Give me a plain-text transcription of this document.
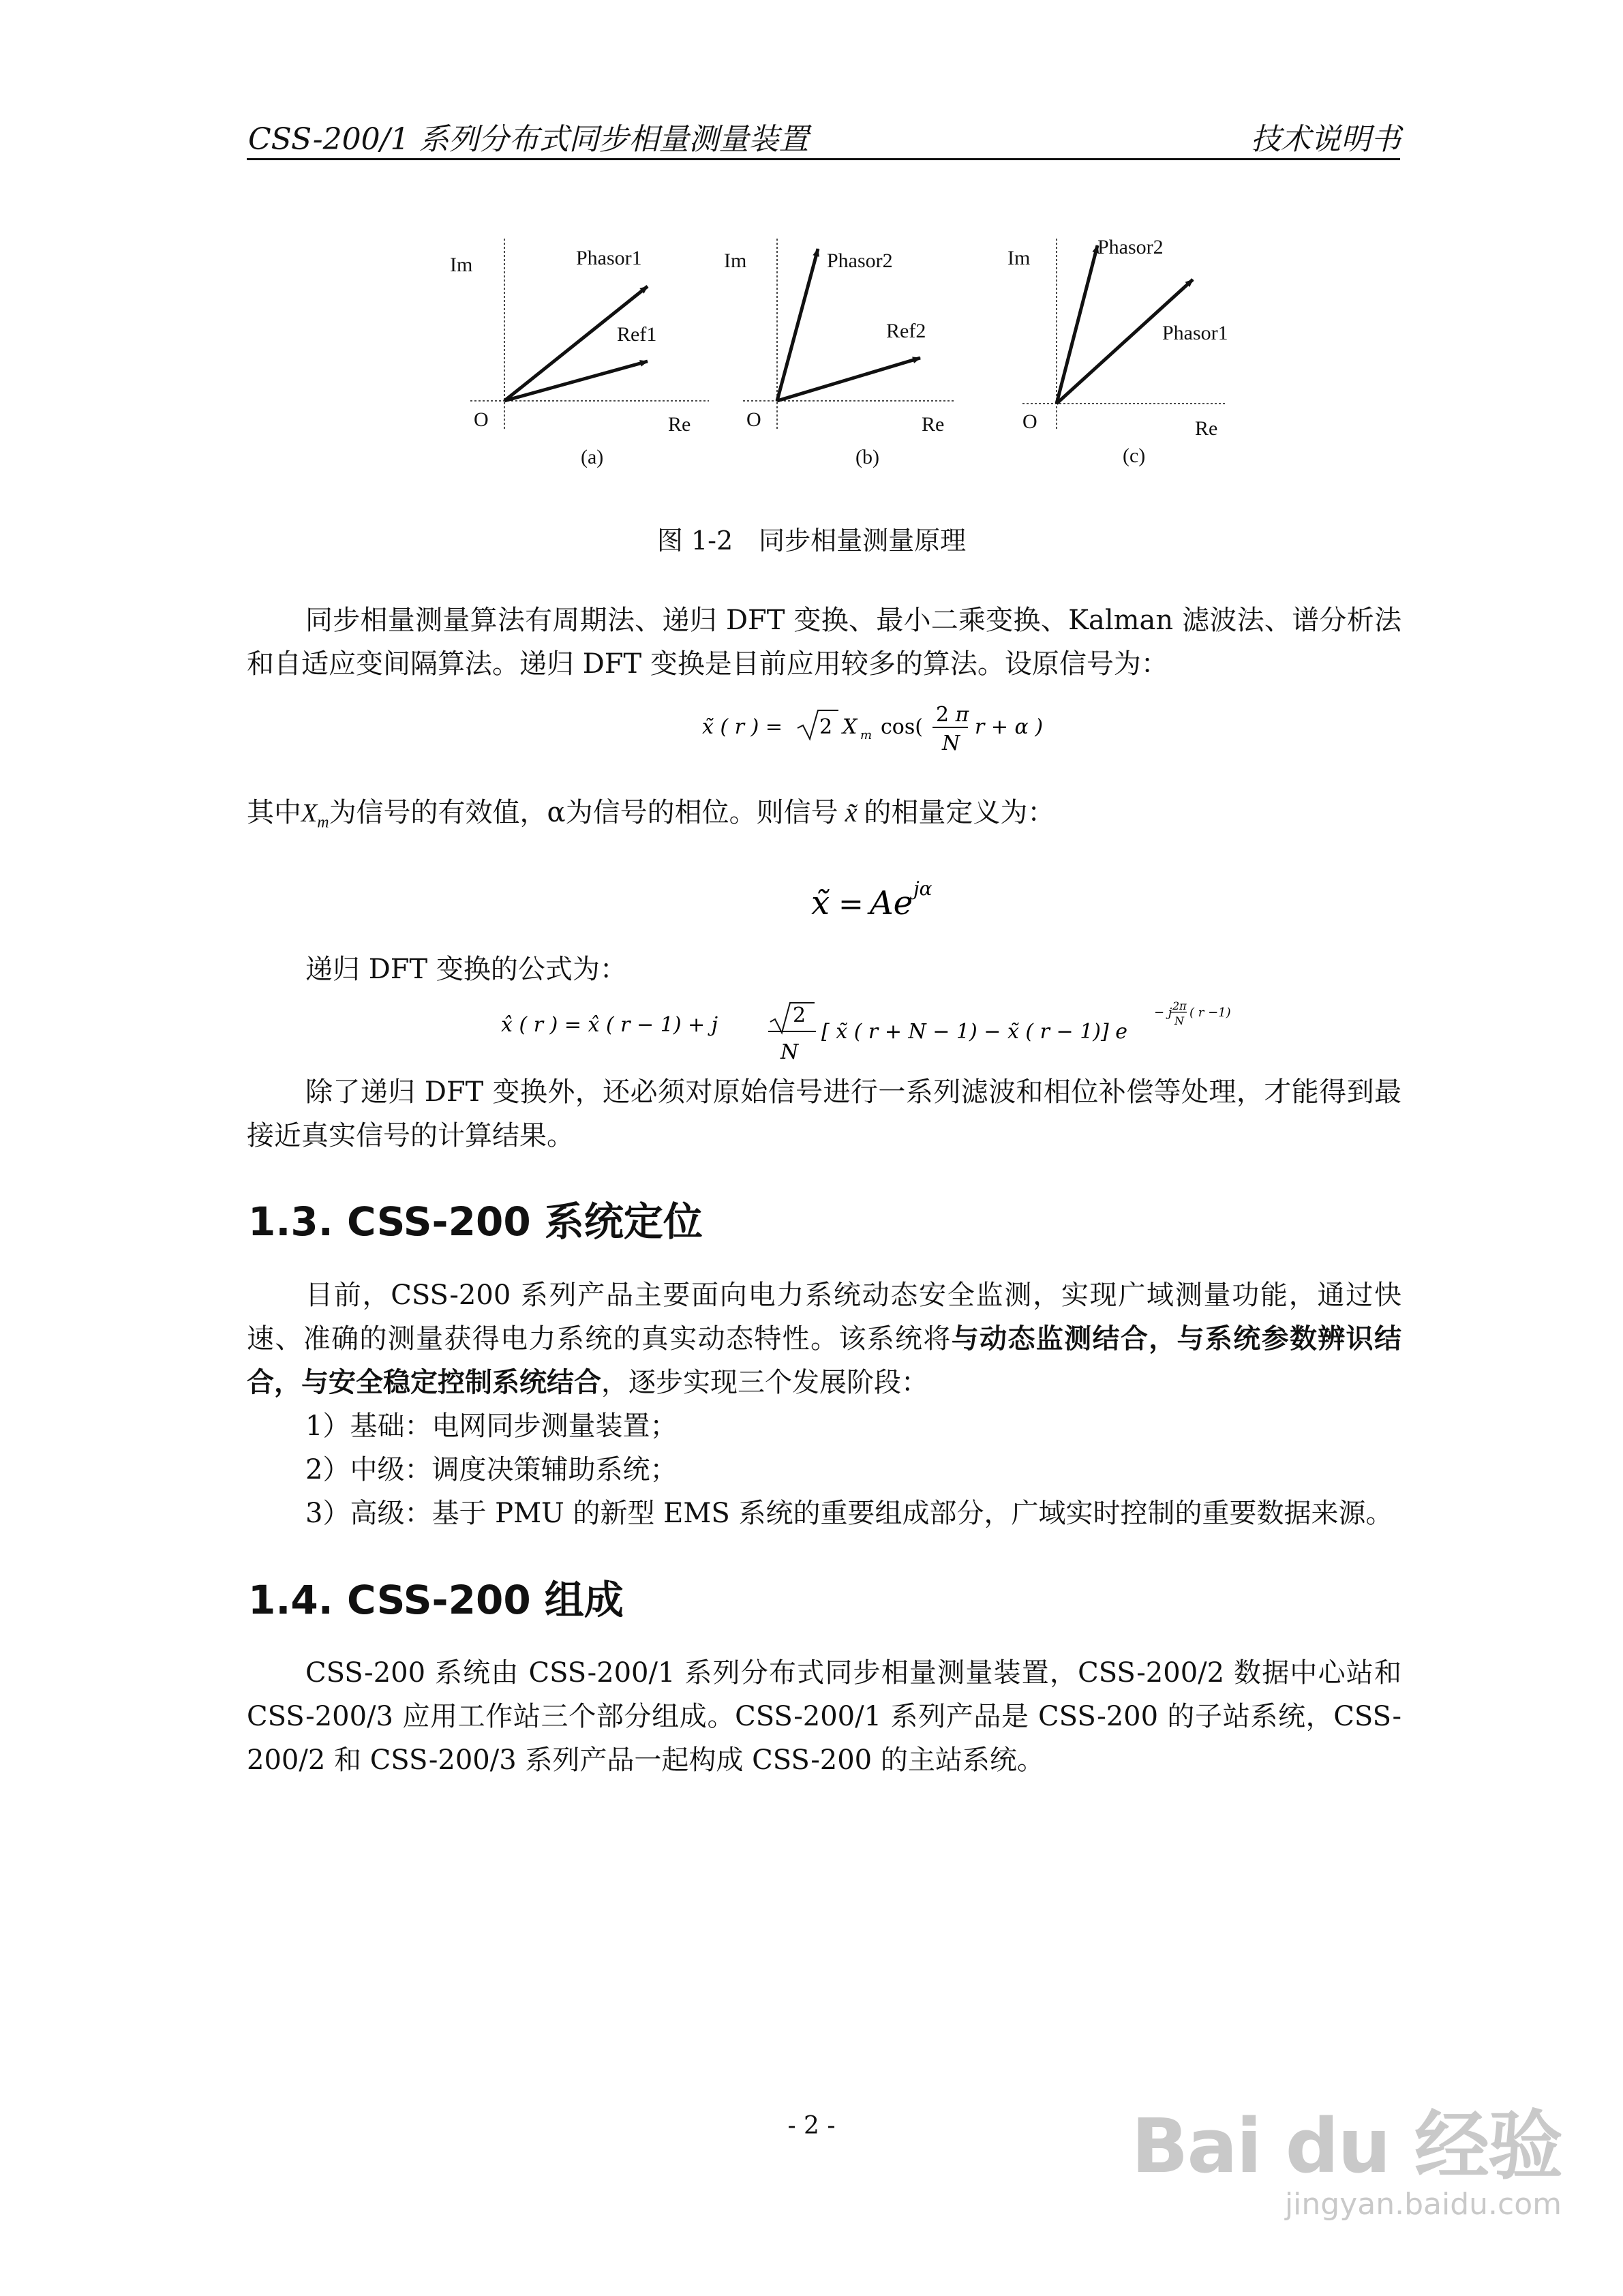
CSS-200/1 系列分布式同步相量测量装置	技术说明书
Im	Phasor1
Ref1
O	Re
(a)
Im	Phasor2
Ref2
O	Re
(b)
Im	Phasor2
Phasor1
O	Re
(c)
图 1-2　同步相量测量原理
同步相量测量算法有周期法、递归 DFT 变换、最小二乘变换、Kalman 滤波法、谱分析法和自适应变间隔算法。递归 DFT 变换是目前应用较多的算法。设原信号为：
x̃ ( r ) = 2 X m cos(
2 π
N
r + α )
其中$X_m$为信号的有效值，α为信号的相位。则信号 x̃ 的相量定义为：
x̃ = Ae jα
递归 DFT 变换的公式为：
x̂ ( r ) = x̂ ( r − 1) + j	2
N
[ x̃ ( r + N − 1) − x̃ ( r − 1)] e
− j 2π
N
( r −1)
除了递归 DFT 变换外，还必须对原始信号进行一系列滤波和相位补偿等处理，才能得到最接近真实信号的计算结果。
1.3. CSS-200 系统定位
目前，CSS-200 系列产品主要面向电力系统动态安全监测，实现广域测量功能，通过快速、准确的测量获得电力系统的真实动态特性。该系统将与动态监测结合，与系统参数辨识结合，与安全稳定控制系统结合，逐步实现三个发展阶段：
1）基础：电网同步测量装置；
2）中级：调度决策辅助系统；
3）高级：基于 PMU 的新型 EMS 系统的重要组成部分，广域实时控制的重要数据来源。
1.4. CSS-200 组成
CSS-200 系统由 CSS-200/1 系列分布式同步相量测量装置，CSS-200/2 数据中心站和CSS-200/3 应用工作站三个部分组成。CSS-200/1 系列产品是 CSS-200 的子站系统，CSS-200/2 和 CSS-200/3 系列产品一起构成 CSS-200 的主站系统。
- 2 -	Bai du 经验
jingyan.baidu.com
